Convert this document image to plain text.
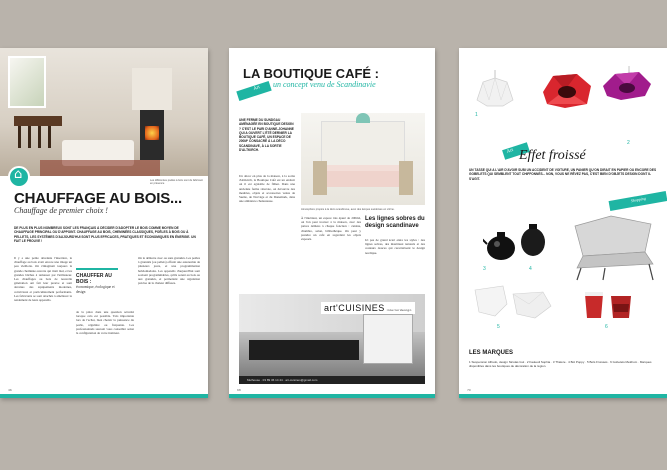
⌂
Les différentes poêles à bois sont du fabricant en présence
CHAUFFAGE AU BOIS...
Chauffage de premier choix !
DE PLUS EN PLUS NOMBREUX SONT LES FRANÇAIS À DÉCIDER D'ADOPTER LE BOIS COMME MOYEN DE CHAUFFAGE PRINCIPAL OU D'APPOINT. CHAUFFAGE AU BOIS, CHEMINÉES CLASSIQUES, POÊLES À BOIS OU À PELLETS, LES SYSTÈMES D'AUJOURD'HUI SONT PLUS EFFICACES, PRATIQUES ET ÉCONOMIQUES EN ÉNERGIE. UN FAIT LE PROUVE !
Il y a une petite décennie l'insertion, le chauffage au bois avait encore une image un peu vieillotte. On s'imaginait toujours la grande cheminée ouverte qui tirait mal, et les grandes bûches à ramasser par l'utilisateur. Les chauffages au bois de nouvelle génération ont fait leur preuve et sont devenus des équipements modernes, conviviaux et particulièrement performants. Les fabricants se sont attachés à améliorer le rendement de leurs appareils.
CHAUFFER AU BOIS :
économique, écologique et design
de la pièce dans une question sécurité lorsque cela est possible. Très importante lors de l'achat, bien choisir la puissance du poêle, régulière ou fréquente. Les professionnels sauront vous conseiller selon la configuration de votre intérieur.
On le démarre avec ou sans granulés. Les poêles à granulés (ou pellets) offrent une autonomie de plusieurs jours, et une programmation hebdomadaire. Les appareils d'aujourd'hui sont souvent programmables, qu'ils soient au bois ou aux granulés, et permettent une régulation précise de la chaleur diffusée.
46
LA BOUTIQUE CAFÉ :
un concept venu de Scandinavie
Art
UNE FERME DU SUNDGAU AMÉNAGÉE EN BOUTIQUE DESIGN ? C'EST LE PARI D'ANNE-JOHANNE QUI A OUVERT L'ÉTÉ DERNIER LA BOUTIQUE CAFÉ, UN ESPACE DE 200M² CONSACRÉ À LA DÉCO SCANDINAVE, À LA SORTIE D'ALTKIRCH.
Atmosphère propice à la déco scandinave, avec des lampes suédoises en vitrine.
Un décor en plus de la maison, à la sortie d'Altkirch, la Boutique Café est un endroit où il est agréable de flâner. Dans une ancienne ferme rénovée, on découvre des meubles, objets et accessoires venus de Suède, de Norvège et du Danemark, dans une ambiance chaleureuse.
À l'intérieur, un espace très épuré de 200m2, où l'on peut trouver à la maison, avec des pièces dédiées à chaque fonction : cuisine, chambre, salon, bibliothèque. On peut y prendre un café en regardant les objets exposés.
Les lignes sobres du design scandinave
Ici pas de grand écart entre les styles : des lignes sobres, des matériaux naturels et des couleurs douces qui caractérisent le design nordique.
art'CUISINES interiordesign
Mulhouse · 03 89 36 14 44 · art-cuisines@gmail.com
68
1
2
Art Effet froissé
UN TASSE QUI A L'AIR D'AVOIR SUBI UN ACCIDENT DE VOITURE, UN PANIER QU'ON DIRAIT EN PAPIER OU ENCORE DES GOBELETS QUI SEMBLENT TOUT CHIFFONNÉS... NON, VOUS NE RÊVEZ PAS, C'EST BIEN D'OBJETS DESIGN DONT IL S'AGIT.
Shopping
3	4
5	6
LES MARQUES
1 Suspension Alfredo, design Nicolas Gut · 2 Fauteuil Sophia · 3 Théière · 4 Bol Poppy · 5 Bols Froissés · 6 Gobelets Meldrum · Marques disponibles dans les boutiques de décoration de la région.
70
